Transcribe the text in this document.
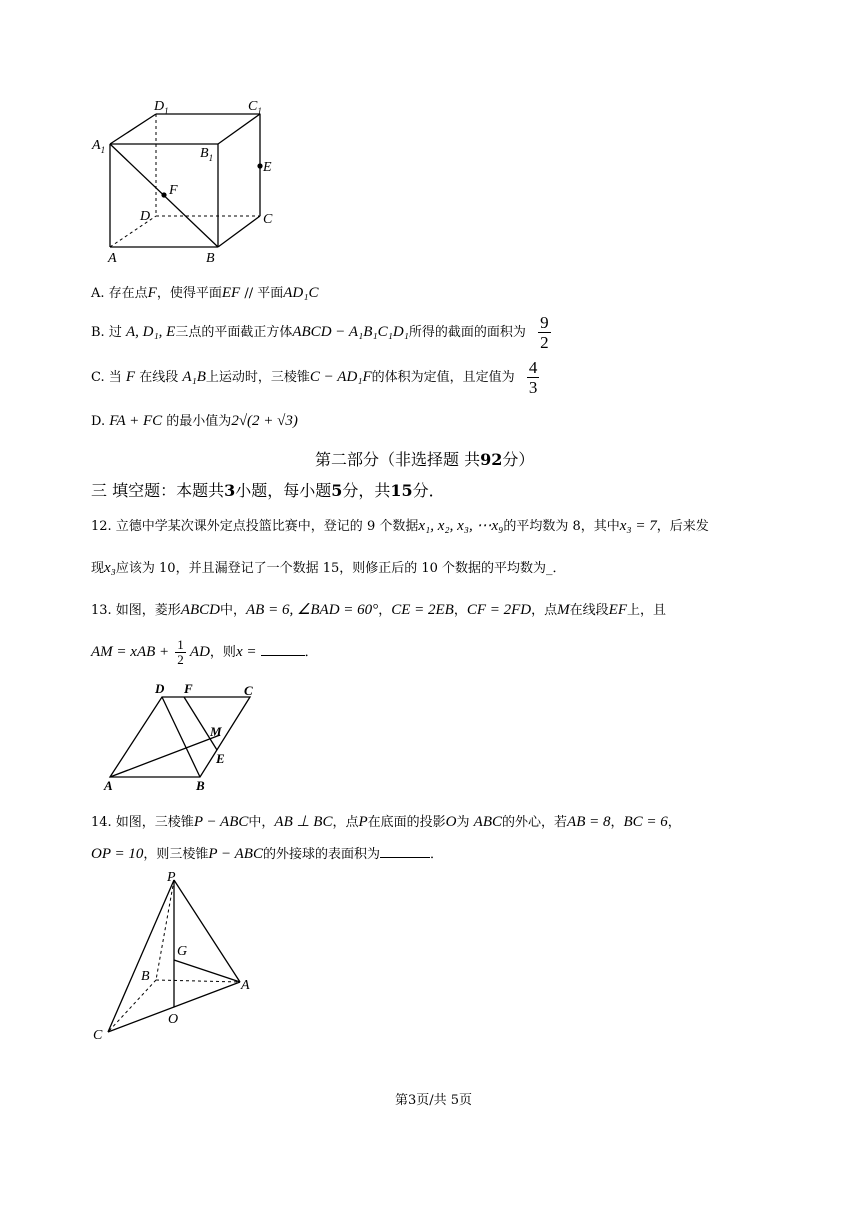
$A_1$
$D_1$	$C_1$
$B_1$
E
F
D	C
A	B
A. 存在点F，使得平面EF // 平面AD₁C
B. 过 A, D₁, E三点的平面截正方体ABCD − A₁B₁C₁D₁所得的截面的面积为 $\frac{9}{2}$
C. 当 F 在线段 A₁B上运动时，三棱锥C − AD₁F的体积为定值，且定值为 $\frac{4}{3}$
D. FA + FC 的最小值为2√(2 + √3)
第二部分（非选择题 共92分）
三 填空题：本题共3小题，每小题5分，共15分．
12. 立德中学某次课外定点投篮比赛中，登记的 9 个数据x₁, x₂, x₃, ⋯x₉的平均数为 8，其中x₃ = 7，后来发
现x₃应该为 10，并且漏登记了一个数据 15，则修正后的 10 个数据的平均数为_．
13. 如图，菱形ABCD中，AB = 6, ∠BAD = 60°，CE = 2EB，CF = 2FD，点M在线段EF上，且
AM = xAB + $\frac{1}{2}$ AD，则x =	．
D F	C
M
E
A	B
14. 如图，三棱锥P − ABC中，AB ⊥ BC，点P在底面的投影O为 ABC的外心，若AB = 8，BC = 6，
OP = 10，则三棱锥P − ABC的外接球的表面积为	．
P
G
B
A
O
C
第3页/共 5页
